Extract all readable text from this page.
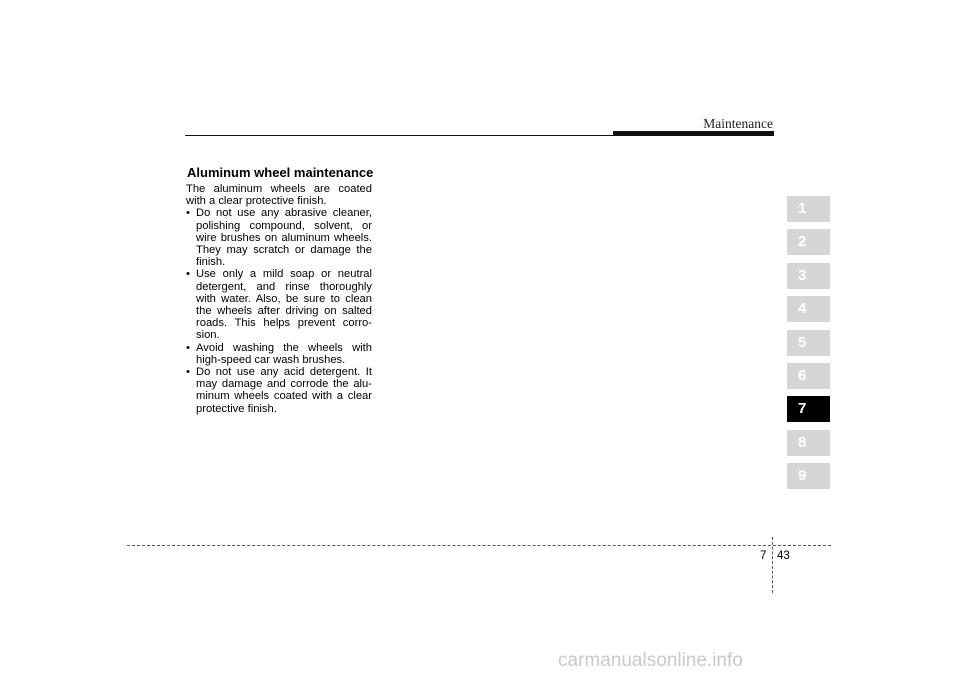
Maintenance
Aluminum wheel maintenance

The aluminum wheels are coated with a clear protective finish.

• Do not use any abrasive cleaner, polishing compound, solvent, or wire brushes on aluminum wheels. They may scratch or damage the finish.
• Use only a mild soap or neutral detergent, and rinse thoroughly with water. Also, be sure to clean the wheels after driving on salted roads. This helps prevent corro-sion.
• Avoid washing the wheels with high-speed car wash brushes.
• Do not use any acid detergent. It may damage and corrode the alu-minum wheels coated with a clear protective finish.
1
2
3
4
5
6
7
8
9
7 43
carmanualsonline.info
